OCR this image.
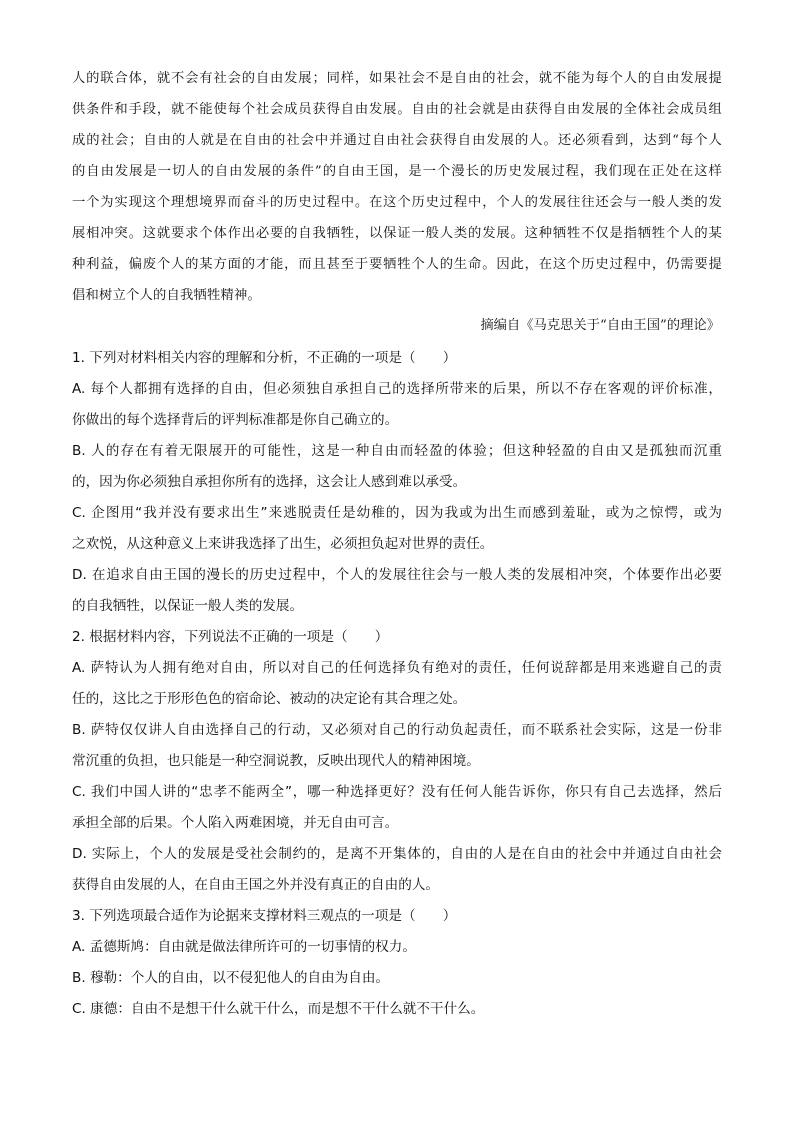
人的联合体，就不会有社会的自由发展；同样，如果社会不是自由的社会，就不能为每个人的自由发展提
供条件和手段，就不能使每个社会成员获得自由发展。自由的社会就是由获得自由发展的全体社会成员组
成的社会；自由的人就是在自由的社会中并通过自由社会获得自由发展的人。还必须看到，达到“每个人
的自由发展是一切人的自由发展的条件”的自由王国，是一个漫长的历史发展过程，我们现在正处在这样
一个为实现这个理想境界而奋斗的历史过程中。在这个历史过程中，个人的发展往往还会与一般人类的发
展相冲突。这就要求个体作出必要的自我牺牲，以保证一般人类的发展。这种牺牲不仅是指牺牲个人的某
种利益，偏废个人的某方面的才能，而且甚至于要牺牲个人的生命。因此，在这个历史过程中，仍需要提
倡和树立个人的自我牺牲精神。
摘编自《马克思关于“自由王国”的理论》
1. 下列对材料相关内容的理解和分析，不正确的一项是（　　）
A. 每个人都拥有选择的自由，但必须独自承担自己的选择所带来的后果，所以不存在客观的评价标准，
你做出的每个选择背后的评判标准都是你自己确立的。
B. 人的存在有着无限展开的可能性，这是一种自由而轻盈的体验；但这种轻盈的自由又是孤独而沉重
的，因为你必须独自承担你所有的选择，这会让人感到难以承受。
C. 企图用“我并没有要求出生”来逃脱责任是幼稚的，因为我或为出生而感到羞耻，或为之惊愕，或为
之欢悦，从这种意义上来讲我选择了出生，必须担负起对世界的责任。
D. 在追求自由王国的漫长的历史过程中，个人的发展往往会与一般人类的发展相冲突，个体要作出必要
的自我牺牲，以保证一般人类的发展。
2. 根据材料内容，下列说法不正确的一项是（　　）
A. 萨特认为人拥有绝对自由，所以对自己的任何选择负有绝对的责任，任何说辞都是用来逃避自己的责
任的，这比之于形形色色的宿命论、被动的决定论有其合理之处。
B. 萨特仅仅讲人自由选择自己的行动，又必须对自己的行动负起责任，而不联系社会实际，这是一份非
常沉重的负担，也只能是一种空洞说教，反映出现代人的精神困境。
C. 我们中国人讲的“忠孝不能两全”，哪一种选择更好？没有任何人能告诉你，你只有自己去选择，然后
承担全部的后果。个人陷入两难困境，并无自由可言。
D. 实际上，个人的发展是受社会制约的，是离不开集体的，自由的人是在自由的社会中并通过自由社会
获得自由发展的人，在自由王国之外并没有真正的自由的人。
3. 下列选项最合适作为论据来支撑材料三观点的一项是（　　）
A. 孟德斯鸠：自由就是做法律所许可的一切事情的权力。
B. 穆勒：个人的自由，以不侵犯他人的自由为自由。
C. 康德：自由不是想干什么就干什么，而是想不干什么就不干什么。
